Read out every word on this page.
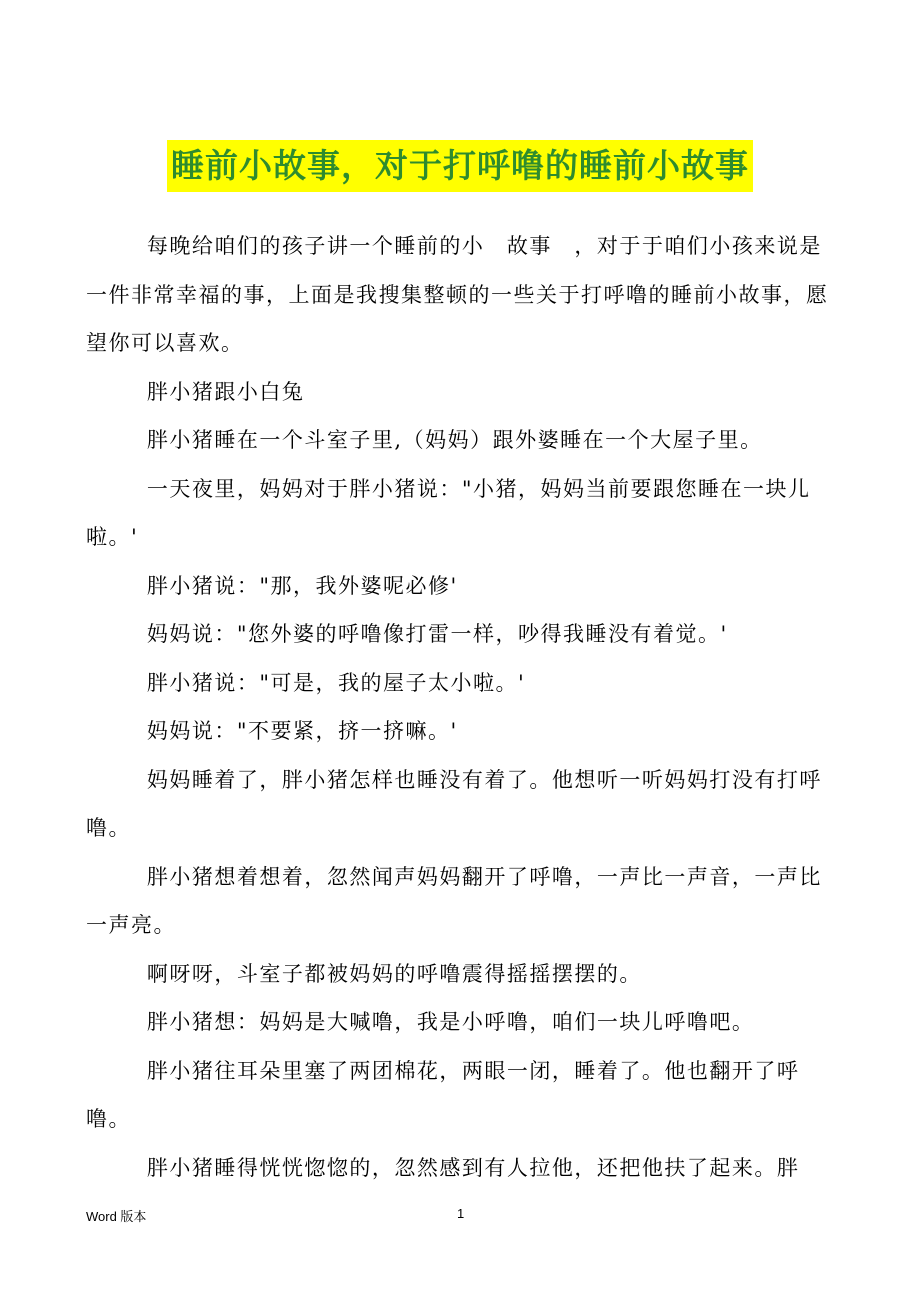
睡前小故事，对于打呼噜的睡前小故事

每晚给咱们的孩子讲一个睡前的小　故事　，对于于咱们小孩来说是一件非常幸福的事，上面是我搜集整顿的一些关于打呼噜的睡前小故事，愿望你可以喜欢。

胖小猪跟小白兔

胖小猪睡在一个斗室子里,（妈妈）跟外婆睡在一个大屋子里。

一天夜里，妈妈对于胖小猪说："小猪，妈妈当前要跟您睡在一块儿啦。'

胖小猪说："那，我外婆呢必修'

妈妈说："您外婆的呼噜像打雷一样，吵得我睡没有着觉。'

胖小猪说："可是，我的屋子太小啦。'

妈妈说："不要紧，挤一挤嘛。'

妈妈睡着了，胖小猪怎样也睡没有着了。他想听一听妈妈打没有打呼噜。

胖小猪想着想着，忽然闻声妈妈翻开了呼噜，一声比一声音，一声比一声亮。

啊呀呀，斗室子都被妈妈的呼噜震得摇摇摆摆的。

胖小猪想：妈妈是大喊噜，我是小呼噜，咱们一块儿呼噜吧。

胖小猪往耳朵里塞了两团棉花，两眼一闭，睡着了。他也翻开了呼噜。

胖小猪睡得恍恍惚惚的，忽然感到有人拉他，还把他扶了起来。胖

Word 版本	1
